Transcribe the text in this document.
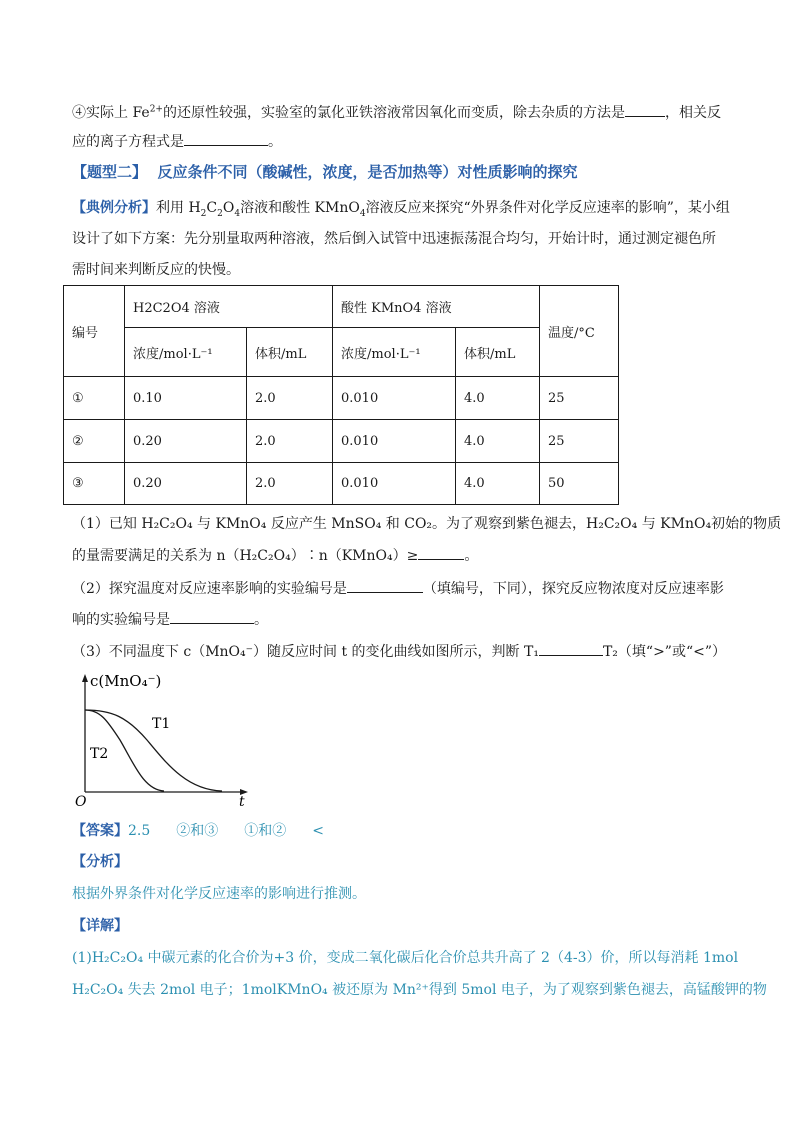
④实际上 $Fe^{2+}$的还原性较强，实验室的氯化亚铁溶液常因氧化而变质，除去杂质的方法是	，相关反
应的离子方程式是	。
【题型二】 反应条件不同（酸碱性，浓度，是否加热等）对性质影响的探究
【典例分析】利用 $H_2C_2O_4$溶液和酸性 KMnO$_4$溶液反应来探究“外界条件对化学反应速率的影响”，某小组
设计了如下方案：先分别量取两种溶液，然后倒入试管中迅速振荡混合均匀，开始计时，通过测定褪色所
需时间来判断反应的快慢。
编号	H2C2O4 溶液		酸性 KMnO4 溶液		温度/°C
	浓度/mol·L⁻¹	体积/mL	浓度/mol·L⁻¹	体积/mL	
①	0.10	2.0	0.010	4.0	25
②	0.20	2.0	0.010	4.0	25
③	0.20	2.0	0.010	4.0	50
（1）已知 H₂C₂O₄ 与 KMnO₄ 反应产生 MnSO₄ 和 CO₂。为了观察到紫色褪去，H₂C₂O₄ 与 KMnO₄初始的物质
的量需要满足的关系为 n（H₂C₂O₄）∶n（KMnO₄）≥	。
（2）探究温度对反应速率影响的实验编号是	（填编号，下同），探究反应物浓度对反应速率影
响的实验编号是	。
（3）不同温度下 c（MnO₄⁻）随反应时间 t 的变化曲线如图所示，判断 T₁	T₂（填“>”或“<”）
c(MnO₄⁻)
T1
T2
O	t
【答案】2.5 ②和③ ①和② <
【分析】
根据外界条件对化学反应速率的影响进行推测。
【详解】
(1)H₂C₂O₄ 中碳元素的化合价为+3 价，变成二氧化碳后化合价总共升高了 2（4-3）价，所以每消耗 1mol
H₂C₂O₄ 失去 2mol 电子；1molKMnO₄ 被还原为 Mn²⁺得到 5mol 电子，为了观察到紫色褪去，高锰酸钾的物
